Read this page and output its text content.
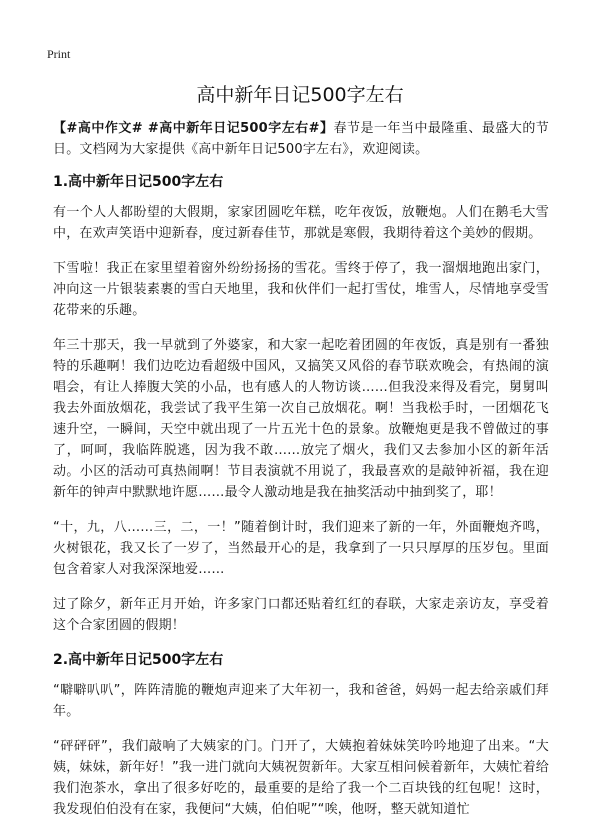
Print
高中新年日记500字左右

【#高中作文# #高中新年日记500字左右#】春节是一年当中最隆重、最盛大的节日。文档网为大家提供《高中新年日记500字左右》，欢迎阅读。

1.高中新年日记500字左右

有一个人人都盼望的大假期，家家团圆吃年糕，吃年夜饭，放鞭炮。人们在鹅毛大雪中，在欢声笑语中迎新春，度过新春佳节，那就是寒假，我期待着这个美妙的假期。

下雪啦！我正在家里望着窗外纷纷扬扬的雪花。雪终于停了，我一溜烟地跑出家门，冲向这一片银装素裹的雪白天地里，我和伙伴们一起打雪仗，堆雪人，尽情地享受雪花带来的乐趣。

年三十那天，我一早就到了外婆家，和大家一起吃着团圆的年夜饭，真是别有一番独特的乐趣啊！我们边吃边看超级中国风，又搞笑又风俗的春节联欢晚会，有热闹的演唱会，有让人捧腹大笑的小品，也有感人的人物访谈……但我没来得及看完，舅舅叫我去外面放烟花，我尝试了我平生第一次自己放烟花。啊！当我松手时，一团烟花飞速升空，一瞬间，天空中就出现了一片五光十色的景象。放鞭炮更是我不曾做过的事了，呵呵，我临阵脱逃，因为我不敢……放完了烟火，我们又去参加小区的新年活动。小区的活动可真热闹啊！节目表演就不用说了，我最喜欢的是敲钟祈福，我在迎新年的钟声中默默地许愿……最令人激动地是我在抽奖活动中抽到奖了，耶！

“十，九，八……三，二，一！”随着倒计时，我们迎来了新的一年，外面鞭炮齐鸣，火树银花，我又长了一岁了，当然最开心的是，我拿到了一只只厚厚的压岁包。里面包含着家人对我深深地爱……

过了除夕，新年正月开始，许多家门口都还贴着红红的春联，大家走亲访友，享受着这个合家团圆的假期！

2.高中新年日记500字左右

“噼噼叭叭”，阵阵清脆的鞭炮声迎来了大年初一，我和爸爸，妈妈一起去给亲戚们拜年。

“砰砰砰”，我们敲响了大姨家的门。门开了，大姨抱着妹妹笑吟吟地迎了出来。“大姨，妹妹，新年好！”我一进门就向大姨祝贺新年。大家互相问候着新年，大姨忙着给我们泡茶水，拿出了很多好吃的，最重要的是给了我一个二百块钱的红包呢！这时，我发现伯伯没有在家，我便问“大姨，伯伯呢”“唉，他呀，整天就知道忙
